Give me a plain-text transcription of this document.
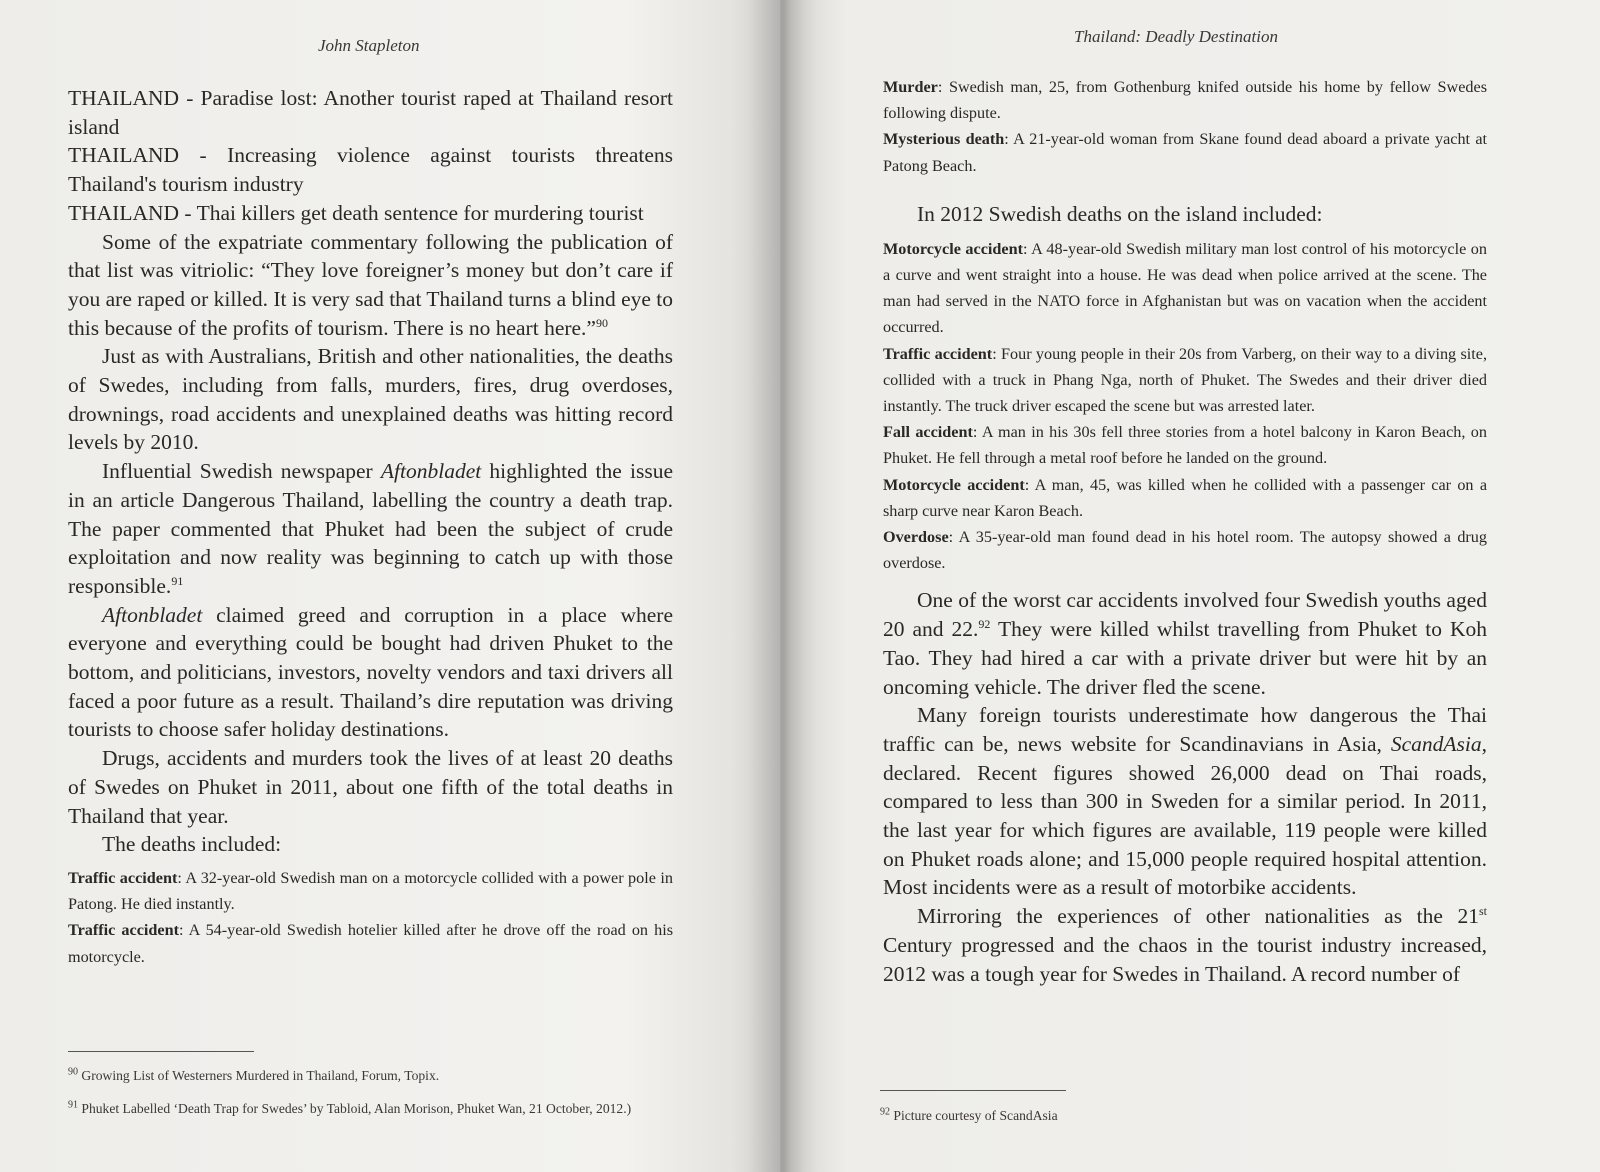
John Stapleton

THAILAND - Paradise lost: Another tourist raped at Thailand resort island

THAILAND - Increasing violence against tourists threatens Thailand's tourism industry

THAILAND - Thai killers get death sentence for murdering tourist

Some of the expatriate commentary following the publication of that list was vitriolic: “They love foreigner’s money but don’t care if you are raped or killed. It is very sad that Thailand turns a blind eye to this because of the profits of tourism. There is no heart here.”$^{90}$

Just as with Australians, British and other nationalities, the deaths of Swedes, including from falls, murders, fires, drug overdoses, drownings, road accidents and unexplained deaths was hitting record levels by 2010.

Influential Swedish newspaper Aftonbladet highlighted the issue in an article Dangerous Thailand, labelling the country a death trap. The paper commented that Phuket had been the subject of crude exploitation and now reality was beginning to catch up with those responsible.$^{91}$

Aftonbladet claimed greed and corruption in a place where everyone and everything could be bought had driven Phuket to the bottom, and politicians, investors, novelty vendors and taxi drivers all faced a poor future as a result. Thailand’s dire reputation was driving tourists to choose safer holiday destinations.

Drugs, accidents and murders took the lives of at least 20 deaths of Swedes on Phuket in 2011, about one fifth of the total deaths in Thailand that year.

The deaths included:

Traffic accident: A 32-year-old Swedish man on a motorcycle collided with a power pole in Patong. He died instantly.

Traffic accident: A 54-year-old Swedish hotelier killed after he drove off the road on his motorcycle.

$^{90}$ Growing List of Westerners Murdered in Thailand, Forum, Topix.

$^{91}$ Phuket Labelled ‘Death Trap for Swedes’ by Tabloid, Alan Morison, Phuket Wan, 21 October, 2012.)

Thailand: Deadly Destination

Murder: Swedish man, 25, from Gothenburg knifed outside his home by fellow Swedes following dispute.

Mysterious death: A 21-year-old woman from Skane found dead aboard a private yacht at Patong Beach.

In 2012 Swedish deaths on the island included:

Motorcycle accident: A 48-year-old Swedish military man lost control of his motorcycle on a curve and went straight into a house. He was dead when police arrived at the scene. The man had served in the NATO force in Afghanistan but was on vacation when the accident occurred.

Traffic accident: Four young people in their 20s from Varberg, on their way to a diving site, collided with a truck in Phang Nga, north of Phuket. The Swedes and their driver died instantly. The truck driver escaped the scene but was arrested later.

Fall accident: A man in his 30s fell three stories from a hotel balcony in Karon Beach, on Phuket. He fell through a metal roof before he landed on the ground.

Motorcycle accident: A man, 45, was killed when he collided with a passenger car on a sharp curve near Karon Beach.

Overdose: A 35-year-old man found dead in his hotel room. The autopsy showed a drug overdose.

One of the worst car accidents involved four Swedish youths aged 20 and 22.92 They were killed whilst travelling from Phuket to Koh Tao. They had hired a car with a private driver but were hit by an oncoming vehicle. The driver fled the scene.

Many foreign tourists underestimate how dangerous the Thai traffic can be, news website for Scandinavians in Asia, ScandAsia, declared. Recent figures showed 26,000 dead on Thai roads, compared to less than 300 in Sweden for a similar period. In 2011, the last year for which figures are available, 119 people were killed on Phuket roads alone; and 15,000 people required hospital attention. Most incidents were as a result of motorbike accidents.

Mirroring the experiences of other nationalities as the 21st Century progressed and the chaos in the tourist industry increased, 2012 was a tough year for Swedes in Thailand. A record number of

$^{92}$ Picture courtesy of ScandAsia
